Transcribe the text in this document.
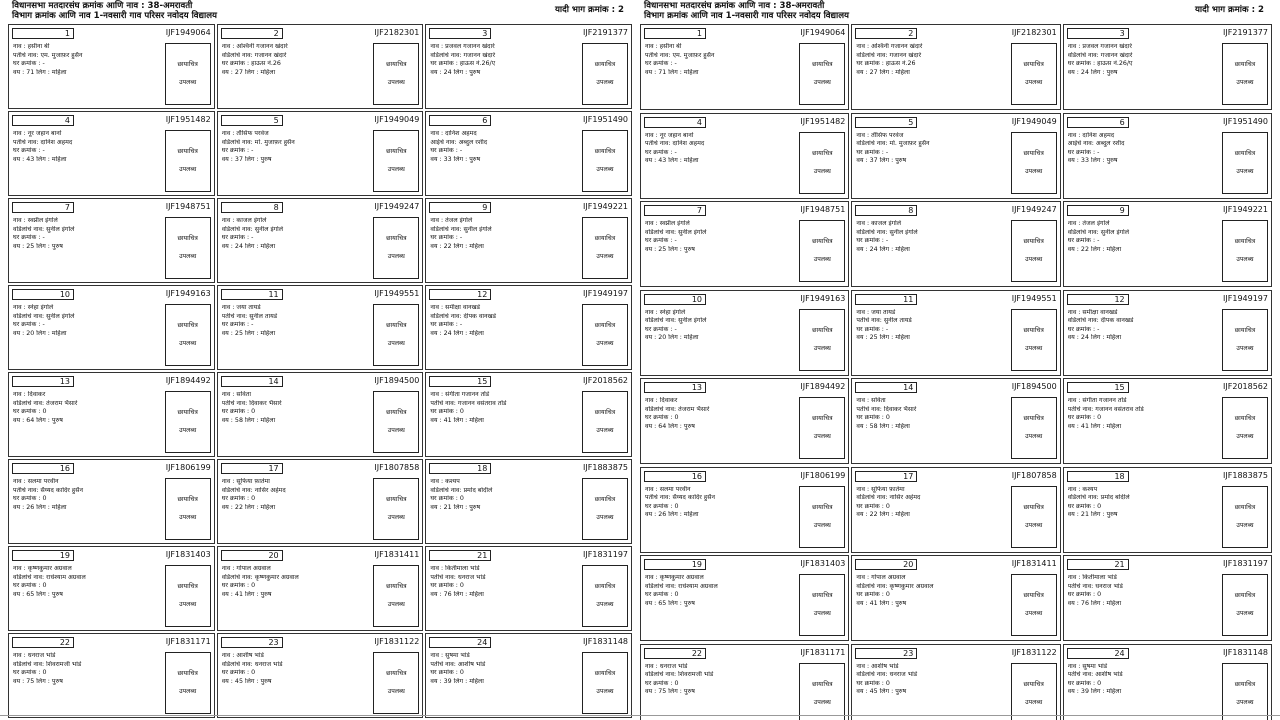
विधानसभा मतदारसंघ क्रमांक आणि नाव : 38-अमरावती
विभाग क्रमांक आणि नाव 1-नवसारी गाव परिसर नवोदय विद्यालय
यादी भाग क्रमांक : 2
1	IJF1949064
नाव : हसीना बी
पतीचे नाव: एम. मुजाफ़र हुसैन
घर क्रमांक : -
वय : 71 लिंग : महिला
छायाचित्र
उपलब्ध
2	IJF2182301
नाव : अश्विनी गजानन खंदारे
वडिलांचे नाव: गजानन खंदारे
घर क्रमांक : हाऊस नं.26
वय : 27 लिंग : महिला
छायाचित्र
उपलब्ध
3	IJF2191377
नाव : प्रजवल गजानन खंदारे
वडिलांचे नाव: गजानन खंदारे
घर क्रमांक : हाऊस नं.26/ए
वय : 24 लिंग : पुरुष
छायाचित्र
उपलब्ध
4	IJF1951482
नाव : नूर जहान बानो
पतीचे नाव: दानिश अहमद
घर क्रमांक : -
वय : 43 लिंग : महिला
छायाचित्र
उपलब्ध
5	IJF1949049
नाव : तौसिफ परवेज
वडिलांचे नाव: मो. मुजाफ़र हुसैन
घर क्रमांक : -
वय : 37 लिंग : पुरुष
छायाचित्र
उपलब्ध
6	IJF1951490
नाव : दानिश अहमद
आईचे नाव: अब्दुल रशीद
घर क्रमांक : -
वय : 33 लिंग : पुरुष
छायाचित्र
उपलब्ध
7	IJF1948751
नाव : स्वप्नील इंगोले
वडिलांचे नाव: सुनील इंगोले
घर क्रमांक : -
वय : 25 लिंग : पुरुष
छायाचित्र
उपलब्ध
8	IJF1949247
नाव : काजल इंगोले
वडिलांचे नाव: सुनील इंगोले
घर क्रमांक : -
वय : 24 लिंग : महिला
छायाचित्र
उपलब्ध
9	IJF1949221
नाव : तेजल इंगोले
वडिलांचे नाव: सुनील इंगोले
घर क्रमांक : -
वय : 22 लिंग : महिला
छायाचित्र
उपलब्ध
10	IJF1949163
नाव : स्नेहा इंगोले
वडिलांचे नाव: सुनील इंगोले
घर क्रमांक : -
वय : 20 लिंग : महिला
छायाचित्र
उपलब्ध
11	IJF1949551
नाव : जया तायडे
पतीचे नाव: सुनील तायडे
घर क्रमांक : -
वय : 25 लिंग : महिला
छायाचित्र
उपलब्ध
12	IJF1949197
नाव : समीक्षा वानखडे
वडिलांचे नाव: दीपक वानखडे
घर क्रमांक : -
वय : 24 लिंग : महिला
छायाचित्र
उपलब्ध
13	IJF1894492
नाव : दिवाकर
वडिलांचे नाव: तेजराम भैसारे
घर क्रमांक : 0
वय : 64 लिंग : पुरुष
छायाचित्र
उपलब्ध
14	IJF1894500
नाव : सविता
पतीचे नाव: दिवाकर भैसारे
घर क्रमांक : 0
वय : 58 लिंग : महिला
छायाचित्र
उपलब्ध
15	IJF2018562
नाव : संगीता गजानन तोंडे
पतीचे नाव: गजानन वसंतराव तोंडे
घर क्रमांक : 0
वय : 41 लिंग : महिला
छायाचित्र
उपलब्ध
16	IJF1806199
नाव : सलमा परवीन
पतीचे नाव: सैय्यद कादिर हुसैन
घर क्रमांक : 0
वय : 26 लिंग : महिला
छायाचित्र
उपलब्ध
17	IJF1807858
नाव : सूफिया फ़ातेमा
वडिलांचे नाव: नासिर अहेमद
घर क्रमांक : 0
वय : 22 लिंग : महिला
छायाचित्र
उपलब्ध
18	IJF1883875
नाव : कश्यप
वडिलांचे नाव: प्रमोद बोदीले
घर क्रमांक : 0
वय : 21 लिंग : पुरुष
छायाचित्र
उपलब्ध
19	IJF1831403
नाव : कृष्णकुमार अग्रवाल
वडिलांचे नाव: राधेश्याम अग्रवाल
घर क्रमांक : 0
वय : 65 लिंग : पुरुष
छायाचित्र
उपलब्ध
20	IJF1831411
नाव : गोपाल अग्रवाल
वडिलांचे नाव: कृष्णकुमार अग्रवाल
घर क्रमांक : 0
वय : 41 लिंग : पुरुष
छायाचित्र
उपलब्ध
21	IJF1831197
नाव : किर्तीमाला भांडे
पतीचे नाव: धनराज भांडे
घर क्रमांक : 0
वय : 76 लिंग : महिला
छायाचित्र
उपलब्ध
22	IJF1831171
नाव : धनराज भांडे
वडिलांचे नाव: शिवरामजी भांडे
घर क्रमांक : 0
वय : 75 लिंग : पुरुष
छायाचित्र
उपलब्ध
23	IJF1831122
नाव : आशीष भांडे
वडिलांचे नाव: धनराज भांडे
घर क्रमांक : 0
वय : 45 लिंग : पुरुष
छायाचित्र
उपलब्ध
24	IJF1831148
नाव : सुषमा भांडे
पतीचे नाव: आशीष भांडे
घर क्रमांक : 0
वय : 39 लिंग : महिला
छायाचित्र
उपलब्ध
विधानसभा मतदारसंघ क्रमांक आणि नाव : 38-अमरावती
विभाग क्रमांक आणि नाव 1-नवसारी गाव परिसर नवोदय विद्यालय
यादी भाग क्रमांक : 2
1	IJF1949064
नाव : हसीना बी
पतीचे नाव: एम. मुजाफ़र हुसैन
घर क्रमांक : -
वय : 71 लिंग : महिला
छायाचित्र
उपलब्ध
2	IJF2182301
नाव : अश्विनी गजानन खंदारे
वडिलांचे नाव: गजानन खंदारे
घर क्रमांक : हाऊस नं.26
वय : 27 लिंग : महिला
छायाचित्र
उपलब्ध
3	IJF2191377
नाव : प्रजवल गजानन खंदारे
वडिलांचे नाव: गजानन खंदारे
घर क्रमांक : हाऊस नं.26/ए
वय : 24 लिंग : पुरुष
छायाचित्र
उपलब्ध
4	IJF1951482
नाव : नूर जहान बानो
पतीचे नाव: दानिश अहमद
घर क्रमांक : -
वय : 43 लिंग : महिला
छायाचित्र
उपलब्ध
5	IJF1949049
नाव : तौसिफ परवेज
वडिलांचे नाव: मो. मुजाफ़र हुसैन
घर क्रमांक : -
वय : 37 लिंग : पुरुष
छायाचित्र
उपलब्ध
6	IJF1951490
नाव : दानिश अहमद
आईचे नाव: अब्दुल रशीद
घर क्रमांक : -
वय : 33 लिंग : पुरुष
छायाचित्र
उपलब्ध
7	IJF1948751
नाव : स्वप्नील इंगोले
वडिलांचे नाव: सुनील इंगोले
घर क्रमांक : -
वय : 25 लिंग : पुरुष
छायाचित्र
उपलब्ध
8	IJF1949247
नाव : काजल इंगोले
वडिलांचे नाव: सुनील इंगोले
घर क्रमांक : -
वय : 24 लिंग : महिला
छायाचित्र
उपलब्ध
9	IJF1949221
नाव : तेजल इंगोले
वडिलांचे नाव: सुनील इंगोले
घर क्रमांक : -
वय : 22 लिंग : महिला
छायाचित्र
उपलब्ध
10	IJF1949163
नाव : स्नेहा इंगोले
वडिलांचे नाव: सुनील इंगोले
घर क्रमांक : -
वय : 20 लिंग : महिला
छायाचित्र
उपलब्ध
11	IJF1949551
नाव : जया तायडे
पतीचे नाव: सुनील तायडे
घर क्रमांक : -
वय : 25 लिंग : महिला
छायाचित्र
उपलब्ध
12	IJF1949197
नाव : समीक्षा वानखडे
वडिलांचे नाव: दीपक वानखडे
घर क्रमांक : -
वय : 24 लिंग : महिला
छायाचित्र
उपलब्ध
13	IJF1894492
नाव : दिवाकर
वडिलांचे नाव: तेजराम भैसारे
घर क्रमांक : 0
वय : 64 लिंग : पुरुष
छायाचित्र
उपलब्ध
14	IJF1894500
नाव : सविता
पतीचे नाव: दिवाकर भैसारे
घर क्रमांक : 0
वय : 58 लिंग : महिला
छायाचित्र
उपलब्ध
15	IJF2018562
नाव : संगीता गजानन तोंडे
पतीचे नाव: गजानन वसंतराव तोंडे
घर क्रमांक : 0
वय : 41 लिंग : महिला
छायाचित्र
उपलब्ध
16	IJF1806199
नाव : सलमा परवीन
पतीचे नाव: सैय्यद कादिर हुसैन
घर क्रमांक : 0
वय : 26 लिंग : महिला
छायाचित्र
उपलब्ध
17	IJF1807858
नाव : सूफिया फ़ातेमा
वडिलांचे नाव: नासिर अहेमद
घर क्रमांक : 0
वय : 22 लिंग : महिला
छायाचित्र
उपलब्ध
18	IJF1883875
नाव : कश्यप
वडिलांचे नाव: प्रमोद बोदीले
घर क्रमांक : 0
वय : 21 लिंग : पुरुष
छायाचित्र
उपलब्ध
19	IJF1831403
नाव : कृष्णकुमार अग्रवाल
वडिलांचे नाव: राधेश्याम अग्रवाल
घर क्रमांक : 0
वय : 65 लिंग : पुरुष
छायाचित्र
उपलब्ध
20	IJF1831411
नाव : गोपाल अग्रवाल
वडिलांचे नाव: कृष्णकुमार अग्रवाल
घर क्रमांक : 0
वय : 41 लिंग : पुरुष
छायाचित्र
उपलब्ध
21	IJF1831197
नाव : किर्तीमाला भांडे
पतीचे नाव: धनराज भांडे
घर क्रमांक : 0
वय : 76 लिंग : महिला
छायाचित्र
उपलब्ध
22	IJF1831171
नाव : धनराज भांडे
वडिलांचे नाव: शिवरामजी भांडे
घर क्रमांक : 0
वय : 75 लिंग : पुरुष
छायाचित्र
उपलब्ध
23	IJF1831122
नाव : आशीष भांडे
वडिलांचे नाव: धनराज भांडे
घर क्रमांक : 0
वय : 45 लिंग : पुरुष
छायाचित्र
उपलब्ध
24	IJF1831148
नाव : सुषमा भांडे
पतीचे नाव: आशीष भांडे
घर क्रमांक : 0
वय : 39 लिंग : महिला
छायाचित्र
उपलब्ध
